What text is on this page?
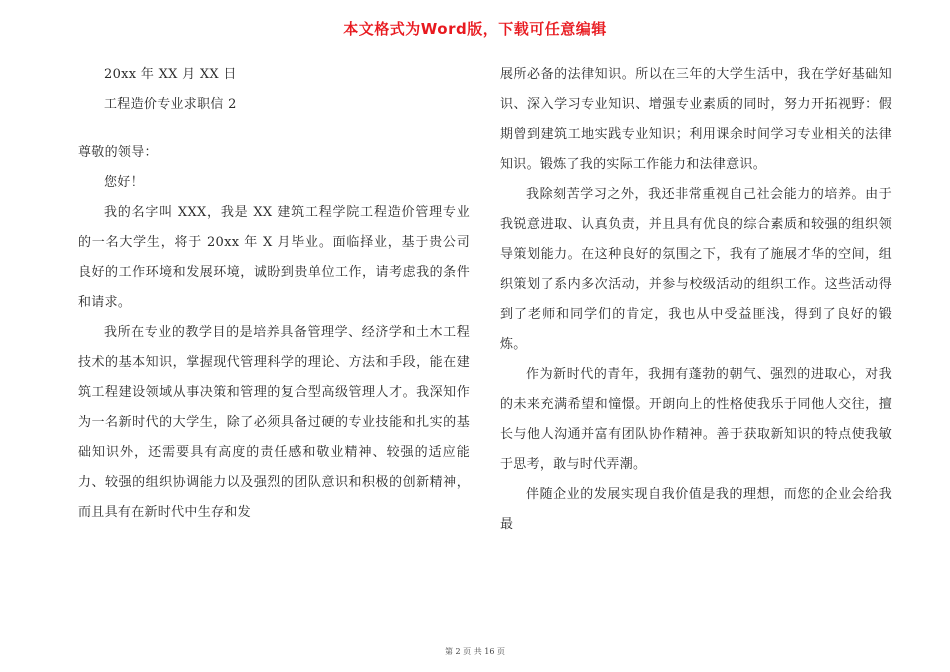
本文格式为Word版，下载可任意编辑

20xx 年 XX 月 XX 日

工程造价专业求职信 2

尊敬的领导：

您好！

我的名字叫 XXX，我是 XX 建筑工程学院工程造价管理专业的一名大学生，将于 20xx 年 X 月毕业。面临择业，基于贵公司良好的工作环境和发展环境，诚盼到贵单位工作，请考虑我的条件和请求。

我所在专业的教学目的是培养具备管理学、经济学和土木工程技术的基本知识，掌握现代管理科学的理论、方法和手段，能在建筑工程建设领域从事决策和管理的复合型高级管理人才。我深知作为一名新时代的大学生，除了必须具备过硬的专业技能和扎实的基础知识外，还需要具有高度的责任感和敬业精神、较强的适应能力、较强的组织协调能力以及强烈的团队意识和积极的创新精神，而且具有在新时代中生存和发

展所必备的法律知识。所以在三年的大学生活中，我在学好基础知识、深入学习专业知识、增强专业素质的同时，努力开拓视野：假期曾到建筑工地实践专业知识；利用课余时间学习专业相关的法律知识。锻炼了我的实际工作能力和法律意识。

我除刻苦学习之外，我还非常重视自己社会能力的培养。由于我锐意进取、认真负责，并且具有优良的综合素质和较强的组织领导策划能力。在这种良好的氛围之下，我有了施展才华的空间，组织策划了系内多次活动，并参与校级活动的组织工作。这些活动得到了老师和同学们的肯定，我也从中受益匪浅，得到了良好的锻炼。

作为新时代的青年，我拥有蓬勃的朝气、强烈的进取心，对我的未来充满希望和憧憬。开朗向上的性格使我乐于同他人交往，擅长与他人沟通并富有团队协作精神。善于获取新知识的特点使我敏于思考，敢与时代弄潮。

伴随企业的发展实现自我价值是我的理想，而您的企业会给我最

第 2 页 共 16 页
